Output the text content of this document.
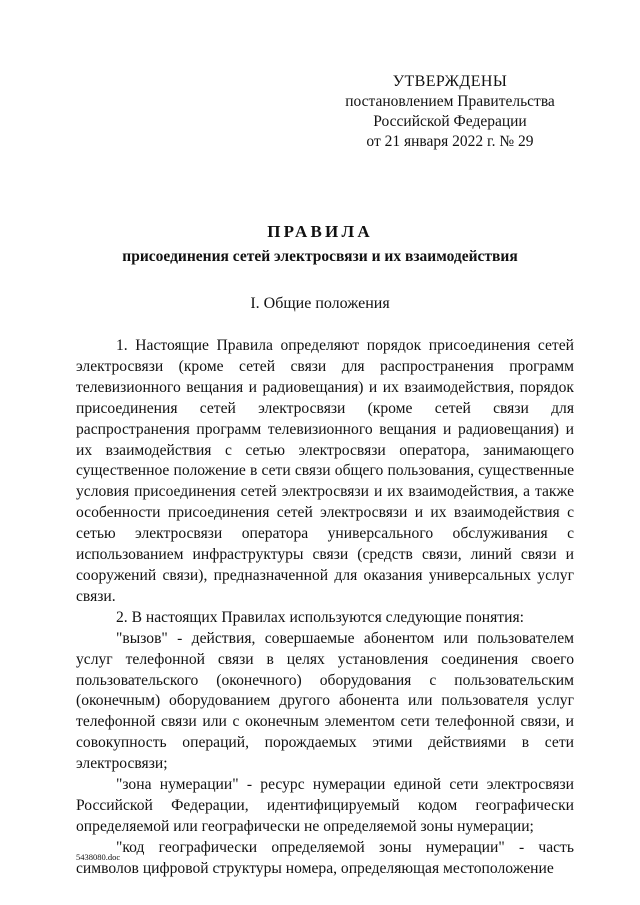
УТВЕРЖДЕНЫ
постановлением Правительства
Российской Федерации
от 21 января 2022 г. № 29
ПРАВИЛА
присоединения сетей электросвязи и их взаимодействия
I. Общие положения

1. Настоящие Правила определяют порядок присоединения сетей электросвязи (кроме сетей связи для распространения программ телевизионного вещания и радиовещания) и их взаимодействия, порядок присоединения сетей электросвязи (кроме сетей связи для распространения программ телевизионного вещания и радиовещания) и их взаимодействия с сетью электросвязи оператора, занимающего существенное положение в сети связи общего пользования, существенные условия присоединения сетей электросвязи и их взаимодействия, а также особенности присоединения сетей электросвязи и их взаимодействия с сетью электросвязи оператора универсального обслуживания с использованием инфраструктуры связи (средств связи, линий связи и сооружений связи), предназначенной для оказания универсальных услуг связи.

2. В настоящих Правилах используются следующие понятия:

"вызов" - действия, совершаемые абонентом или пользователем услуг телефонной связи в целях установления соединения своего пользовательского (оконечного) оборудования с пользовательским (оконечным) оборудованием другого абонента или пользователя услуг телефонной связи или с оконечным элементом сети телефонной связи, и совокупность операций, порождаемых этими действиями в сети электросвязи;

"зона нумерации" - ресурс нумерации единой сети электросвязи Российской Федерации, идентифицируемый кодом географически определяемой или географически не определяемой зоны нумерации;

"код географически определяемой зоны нумерации" - часть символов цифровой структуры номера, определяющая местоположение

5438080.doc
